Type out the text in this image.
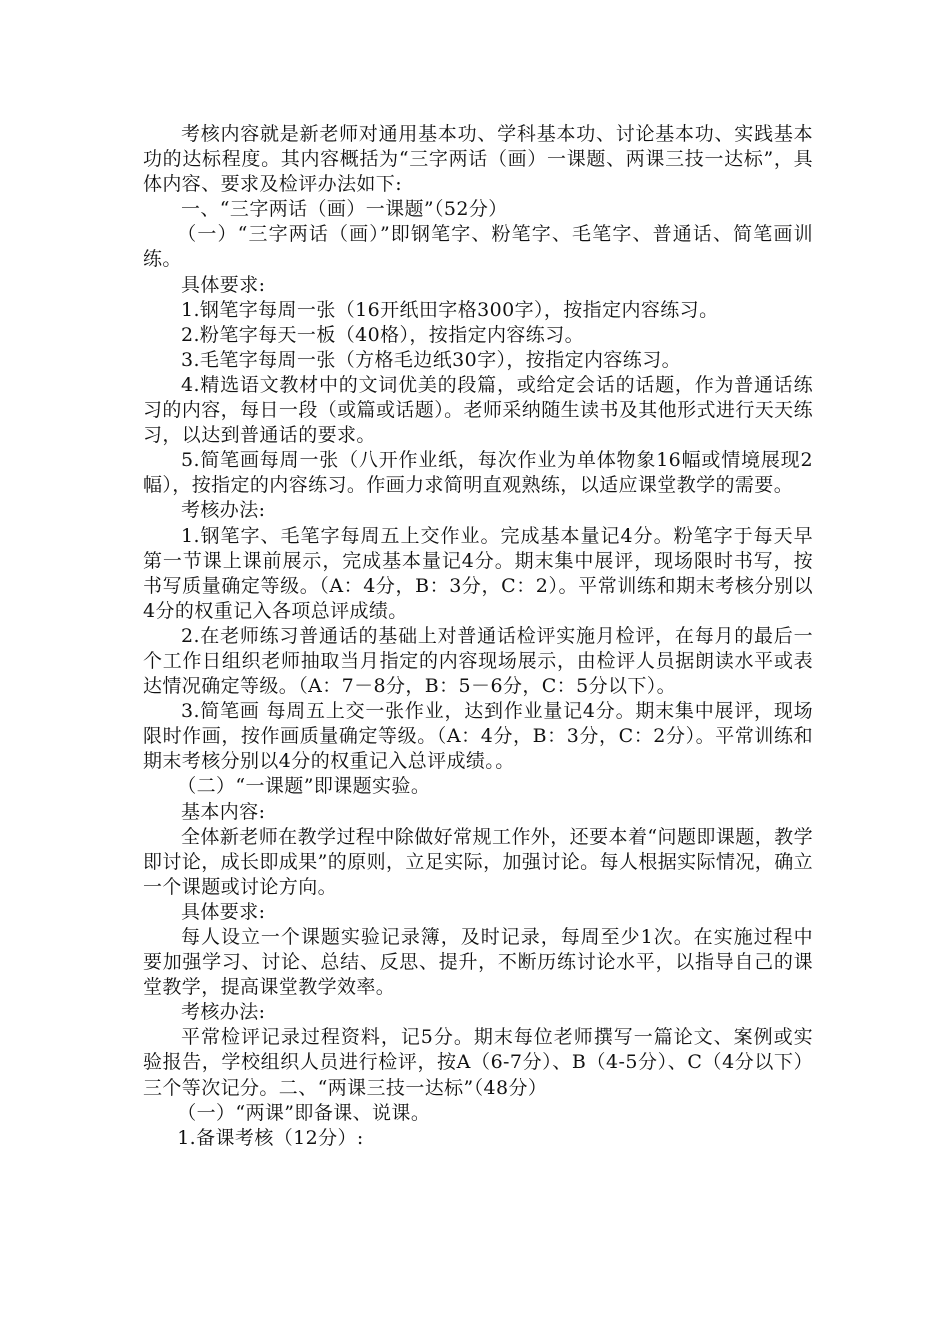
考核内容就是新老师对通用基本功、学科基本功、讨论基本功、实践基本功的达标程度。其内容概括为“三字两话（画）一课题、两课三技一达标”，具体内容、要求及检评办法如下:

一、“三字两话（画）一课题”（52分）

（一）“三字两话（画）”即钢笔字、粉笔字、毛笔字、普通话、简笔画训练。

具体要求:

1.钢笔字每周一张（16开纸田字格300字），按指定内容练习。

2.粉笔字每天一板（40格），按指定内容练习。

3.毛笔字每周一张（方格毛边纸30字），按指定内容练习。

4.精选语文教材中的文词优美的段篇，或给定会话的话题，作为普通话练习的内容，每日一段（或篇或话题）。老师采纳随生读书及其他形式进行天天练习，以达到普通话的要求。

5.简笔画每周一张（八开作业纸，每次作业为单体物象16幅或情境展现2幅），按指定的内容练习。作画力求简明直观熟练，以适应课堂教学的需要。

考核办法:

1.钢笔字、毛笔字每周五上交作业。完成基本量记4分。粉笔字于每天早第一节课上课前展示，完成基本量记4分。期末集中展评，现场限时书写，按书写质量确定等级。（A：4分，B：3分，C：2）。平常训练和期末考核分别以4分的权重记入各项总评成绩。

2.在老师练习普通话的基础上对普通话检评实施月检评，在每月的最后一个工作日组织老师抽取当月指定的内容现场展示，由检评人员据朗读水平或表达情况确定等级。（A：7－8分，B：5－6分，C：5分以下）。

3.简笔画 每周五上交一张作业，达到作业量记4分。期末集中展评，现场限时作画，按作画质量确定等级。（A：4分，B：3分，C：2分）。平常训练和期末考核分别以4分的权重记入总评成绩。。

（二）“一课题”即课题实验。

基本内容:

全体新老师在教学过程中除做好常规工作外，还要本着“问题即课题，教学即讨论，成长即成果”的原则，立足实际，加强讨论。每人根据实际情况，确立一个课题或讨论方向。

具体要求:

每人设立一个课题实验记录簿，及时记录，每周至少1次。在实施过程中要加强学习、讨论、总结、反思、提升，不断历练讨论水平，以指导自己的课堂教学，提高课堂教学效率。

考核办法:

平常检评记录过程资料，记5分。期末每位老师撰写一篇论文、案例或实验报告，学校组织人员进行检评，按A（6-7分）、B（4-5分）、C（4分以下）三个等次记分。二、“两课三技一达标”（48分）

（一）“两课”即备课、说课。

1.备课考核（12分）:
